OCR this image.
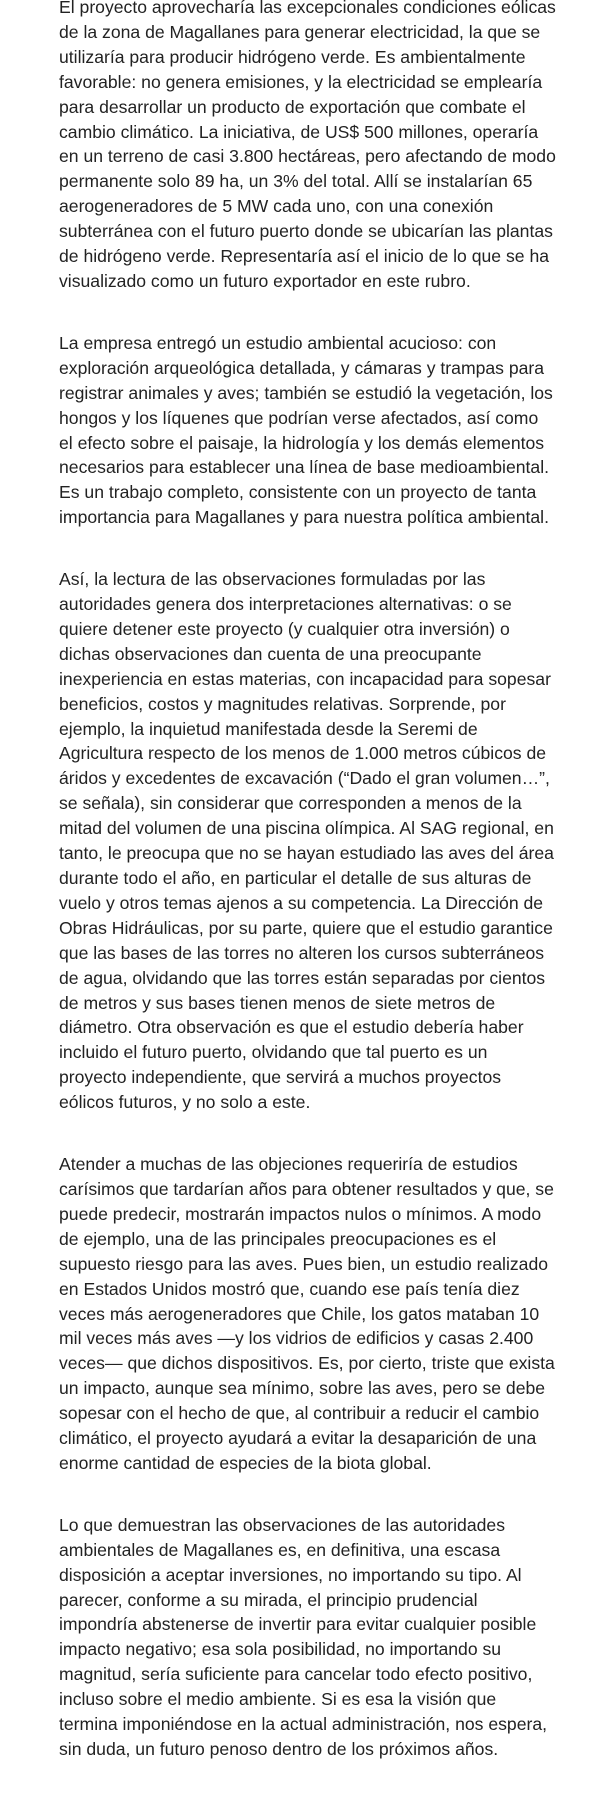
El proyecto aprovecharía las excepcionales condiciones eólicas de la zona de Magallanes para generar electricidad, la que se utilizaría para producir hidrógeno verde. Es ambientalmente favorable: no genera emisiones, y la electricidad se emplearía para desarrollar un producto de exportación que combate el cambio climático. La iniciativa, de US$ 500 millones, operaría en un terreno de casi 3.800 hectáreas, pero afectando de modo permanente solo 89 ha, un 3% del total. Allí se instalarían 65 aerogeneradores de 5 MW cada uno, con una conexión subterránea con el futuro puerto donde se ubicarían las plantas de hidrógeno verde. Representaría así el inicio de lo que se ha visualizado como un futuro exportador en este rubro.

La empresa entregó un estudio ambiental acucioso: con exploración arqueológica detallada, y cámaras y trampas para registrar animales y aves; también se estudió la vegetación, los hongos y los líquenes que podrían verse afectados, así como el efecto sobre el paisaje, la hidrología y los demás elementos necesarios para establecer una línea de base medioambiental. Es un trabajo completo, consistente con un proyecto de tanta importancia para Magallanes y para nuestra política ambiental.

Así, la lectura de las observaciones formuladas por las autoridades genera dos interpretaciones alternativas: o se quiere detener este proyecto (y cualquier otra inversión) o dichas observaciones dan cuenta de una preocupante inexperiencia en estas materias, con incapacidad para sopesar beneficios, costos y magnitudes relativas. Sorprende, por ejemplo, la inquietud manifestada desde la Seremi de Agricultura respecto de los menos de 1.000 metros cúbicos de áridos y excedentes de excavación (“Dado el gran volumen…”, se señala), sin considerar que corresponden a menos de la mitad del volumen de una piscina olímpica. Al SAG regional, en tanto, le preocupa que no se hayan estudiado las aves del área durante todo el año, en particular el detalle de sus alturas de vuelo y otros temas ajenos a su competencia. La Dirección de Obras Hidráulicas, por su parte, quiere que el estudio garantice que las bases de las torres no alteren los cursos subterráneos de agua, olvidando que las torres están separadas por cientos de metros y sus bases tienen menos de siete metros de diámetro. Otra observación es que el estudio debería haber incluido el futuro puerto, olvidando que tal puerto es un proyecto independiente, que servirá a muchos proyectos eólicos futuros, y no solo a este.

Atender a muchas de las objeciones requeriría de estudios carísimos que tardarían años para obtener resultados y que, se puede predecir, mostrarán impactos nulos o mínimos. A modo de ejemplo, una de las principales preocupaciones es el supuesto riesgo para las aves. Pues bien, un estudio realizado en Estados Unidos mostró que, cuando ese país tenía diez veces más aerogeneradores que Chile, los gatos mataban 10 mil veces más aves —y los vidrios de edificios y casas 2.400 veces— que dichos dispositivos. Es, por cierto, triste que exista un impacto, aunque sea mínimo, sobre las aves, pero se debe sopesar con el hecho de que, al contribuir a reducir el cambio climático, el proyecto ayudará a evitar la desaparición de una enorme cantidad de especies de la biota global.

Lo que demuestran las observaciones de las autoridades ambientales de Magallanes es, en definitiva, una escasa disposición a aceptar inversiones, no importando su tipo. Al parecer, conforme a su mirada, el principio prudencial impondría abstenerse de invertir para evitar cualquier posible impacto negativo; esa sola posibilidad, no importando su magnitud, sería suficiente para cancelar todo efecto positivo, incluso sobre el medio ambiente. Si es esa la visión que termina imponiéndose en la actual administración, nos espera, sin duda, un futuro penoso dentro de los próximos años.
